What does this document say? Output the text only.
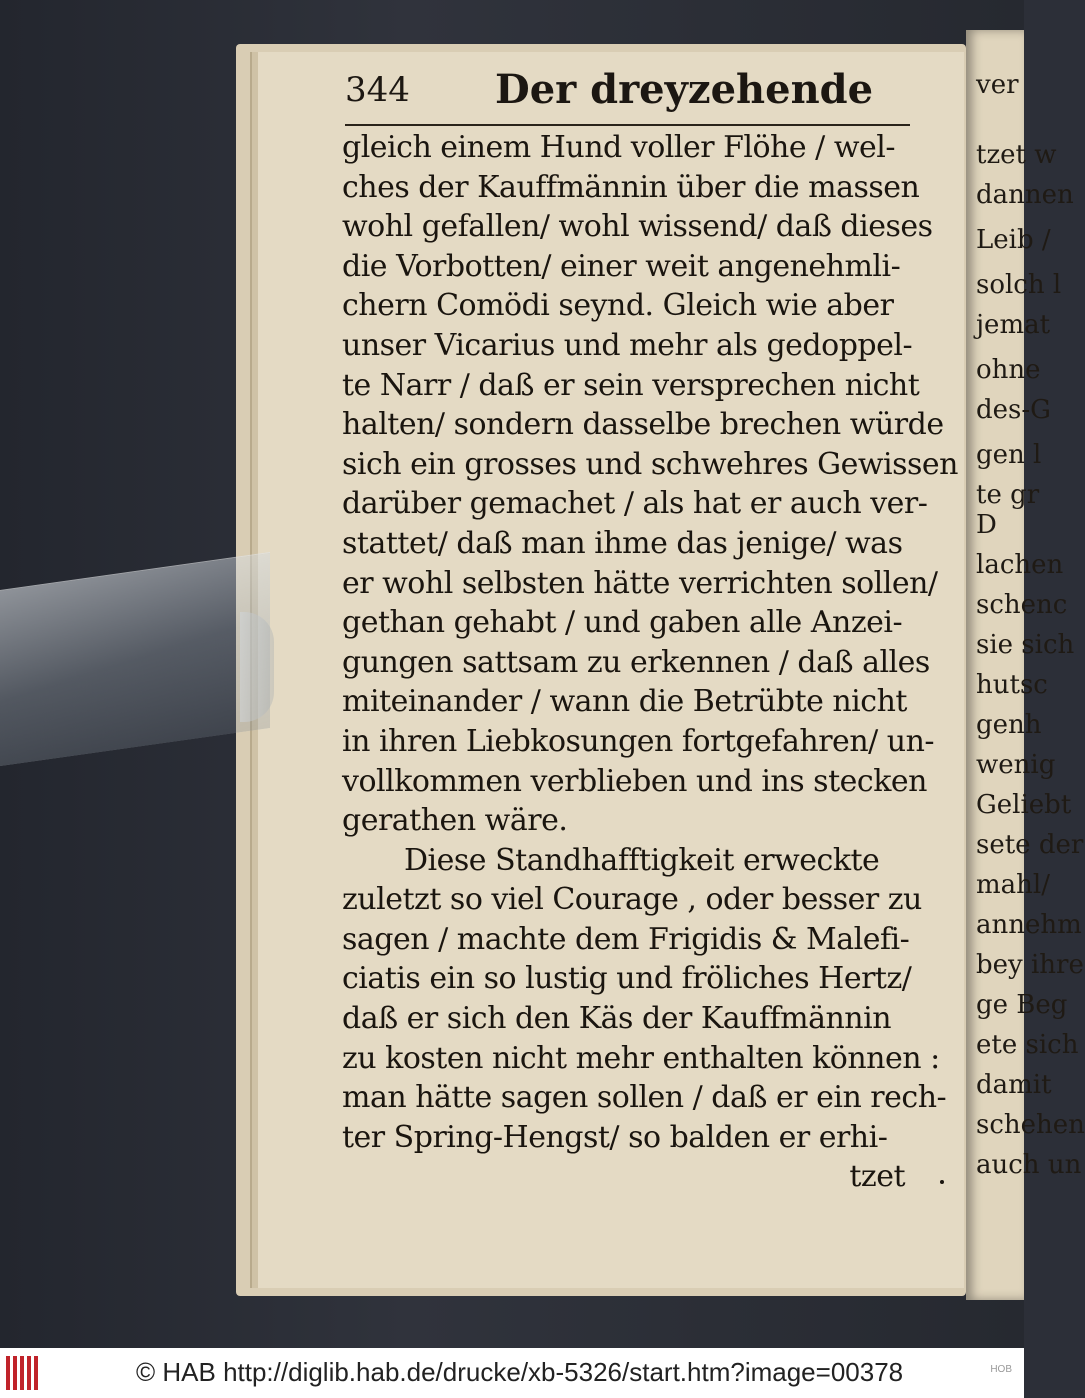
ver
tzet w
dannen
Leib /
solch l
jemat
ohne
des-G
gen l
te gr
D
lachen
schenc
sie sich
hutsc
genh
wenig
Geliebt
sete der
mahl/
annehm
bey ihre
ge Beg
ete sich
damit
schehen
auch un
344 Der dreyzehende
gleich einem Hund voller Flöhe / wel-
ches der Kauffmännin über die massen
wohl gefallen/ wohl wissend/ daß dieses
die Vorbotten/ einer weit angenehmli-
chern Comödi seynd. Gleich wie aber
unser Vicarius und mehr als gedoppel-
te Narr / daß er sein versprechen nicht
halten/ sondern dasselbe brechen würde
sich ein grosses und schwehres Gewissen
darüber gemachet / als hat er auch ver-
stattet/ daß man ihme das jenige/ was
er wohl selbsten hätte verrichten sollen/
gethan gehabt / und gaben alle Anzei-
gungen sattsam zu erkennen / daß alles
miteinander / wann die Betrübte nicht
in ihren Liebkosungen fortgefahren/ un-
vollkommen verblieben und ins stecken
gerathen wäre.
Diese Standhafftigkeit erweckte
zuletzt so viel Courage , oder besser zu
sagen / machte dem Frigidis & Malefi-
ciatis ein so lustig und fröliches Hertz/
daß er sich den Käs der Kauffmännin
zu kosten nicht mehr enthalten können :
man hätte sagen sollen / daß er ein rech-
ter Spring-Hengst/ so balden er erhi-
tzet
© HAB http://diglib.hab.de/drucke/xb-5326/start.htm?image=00378	HOB
